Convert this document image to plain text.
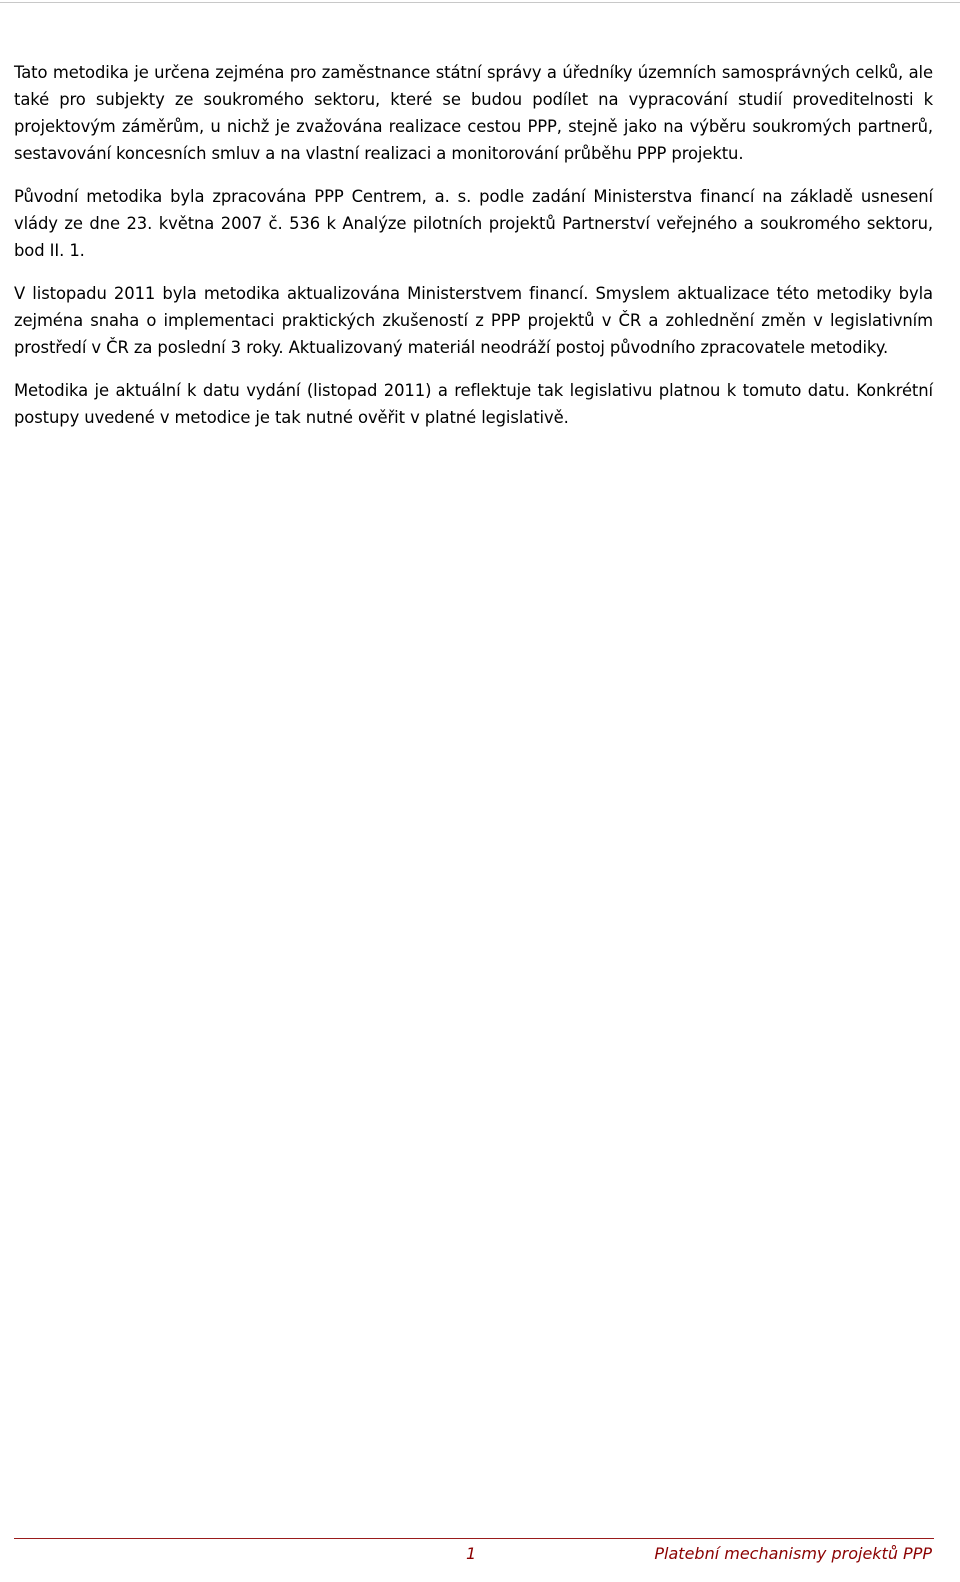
Tato metodika je určena zejména pro zaměstnance státní správy a úředníky územních samosprávných celků, ale také pro subjekty ze soukromého sektoru, které se budou podílet na vypracování studií proveditelnosti k projektovým záměrům, u nichž je zvažována realizace cestou PPP, stejně jako na výběru soukromých partnerů, sestavování koncesních smluv a na vlastní realizaci a monitorování průběhu PPP projektu.

Původní metodika byla zpracována PPP Centrem, a. s. podle zadání Ministerstva financí na základě usnesení vlády ze dne 23. května 2007 č. 536 k Analýze pilotních projektů Partnerství veřejného a soukromého sektoru, bod II. 1.

V listopadu 2011 byla metodika aktualizována Ministerstvem financí. Smyslem aktualizace této metodiky byla zejména snaha o implementaci praktických zkušeností z PPP projektů v ČR a zohlednění změn v legislativním prostředí v ČR za poslední 3 roky. Aktualizovaný materiál neodráží postoj původního zpracovatele metodiky.

Metodika je aktuální k datu vydání (listopad 2011) a reflektuje tak legislativu platnou k tomuto datu. Konkrétní postupy uvedené v metodice je tak nutné ověřit v platné legislativě.

1	Platební mechanismy projektů PPP
